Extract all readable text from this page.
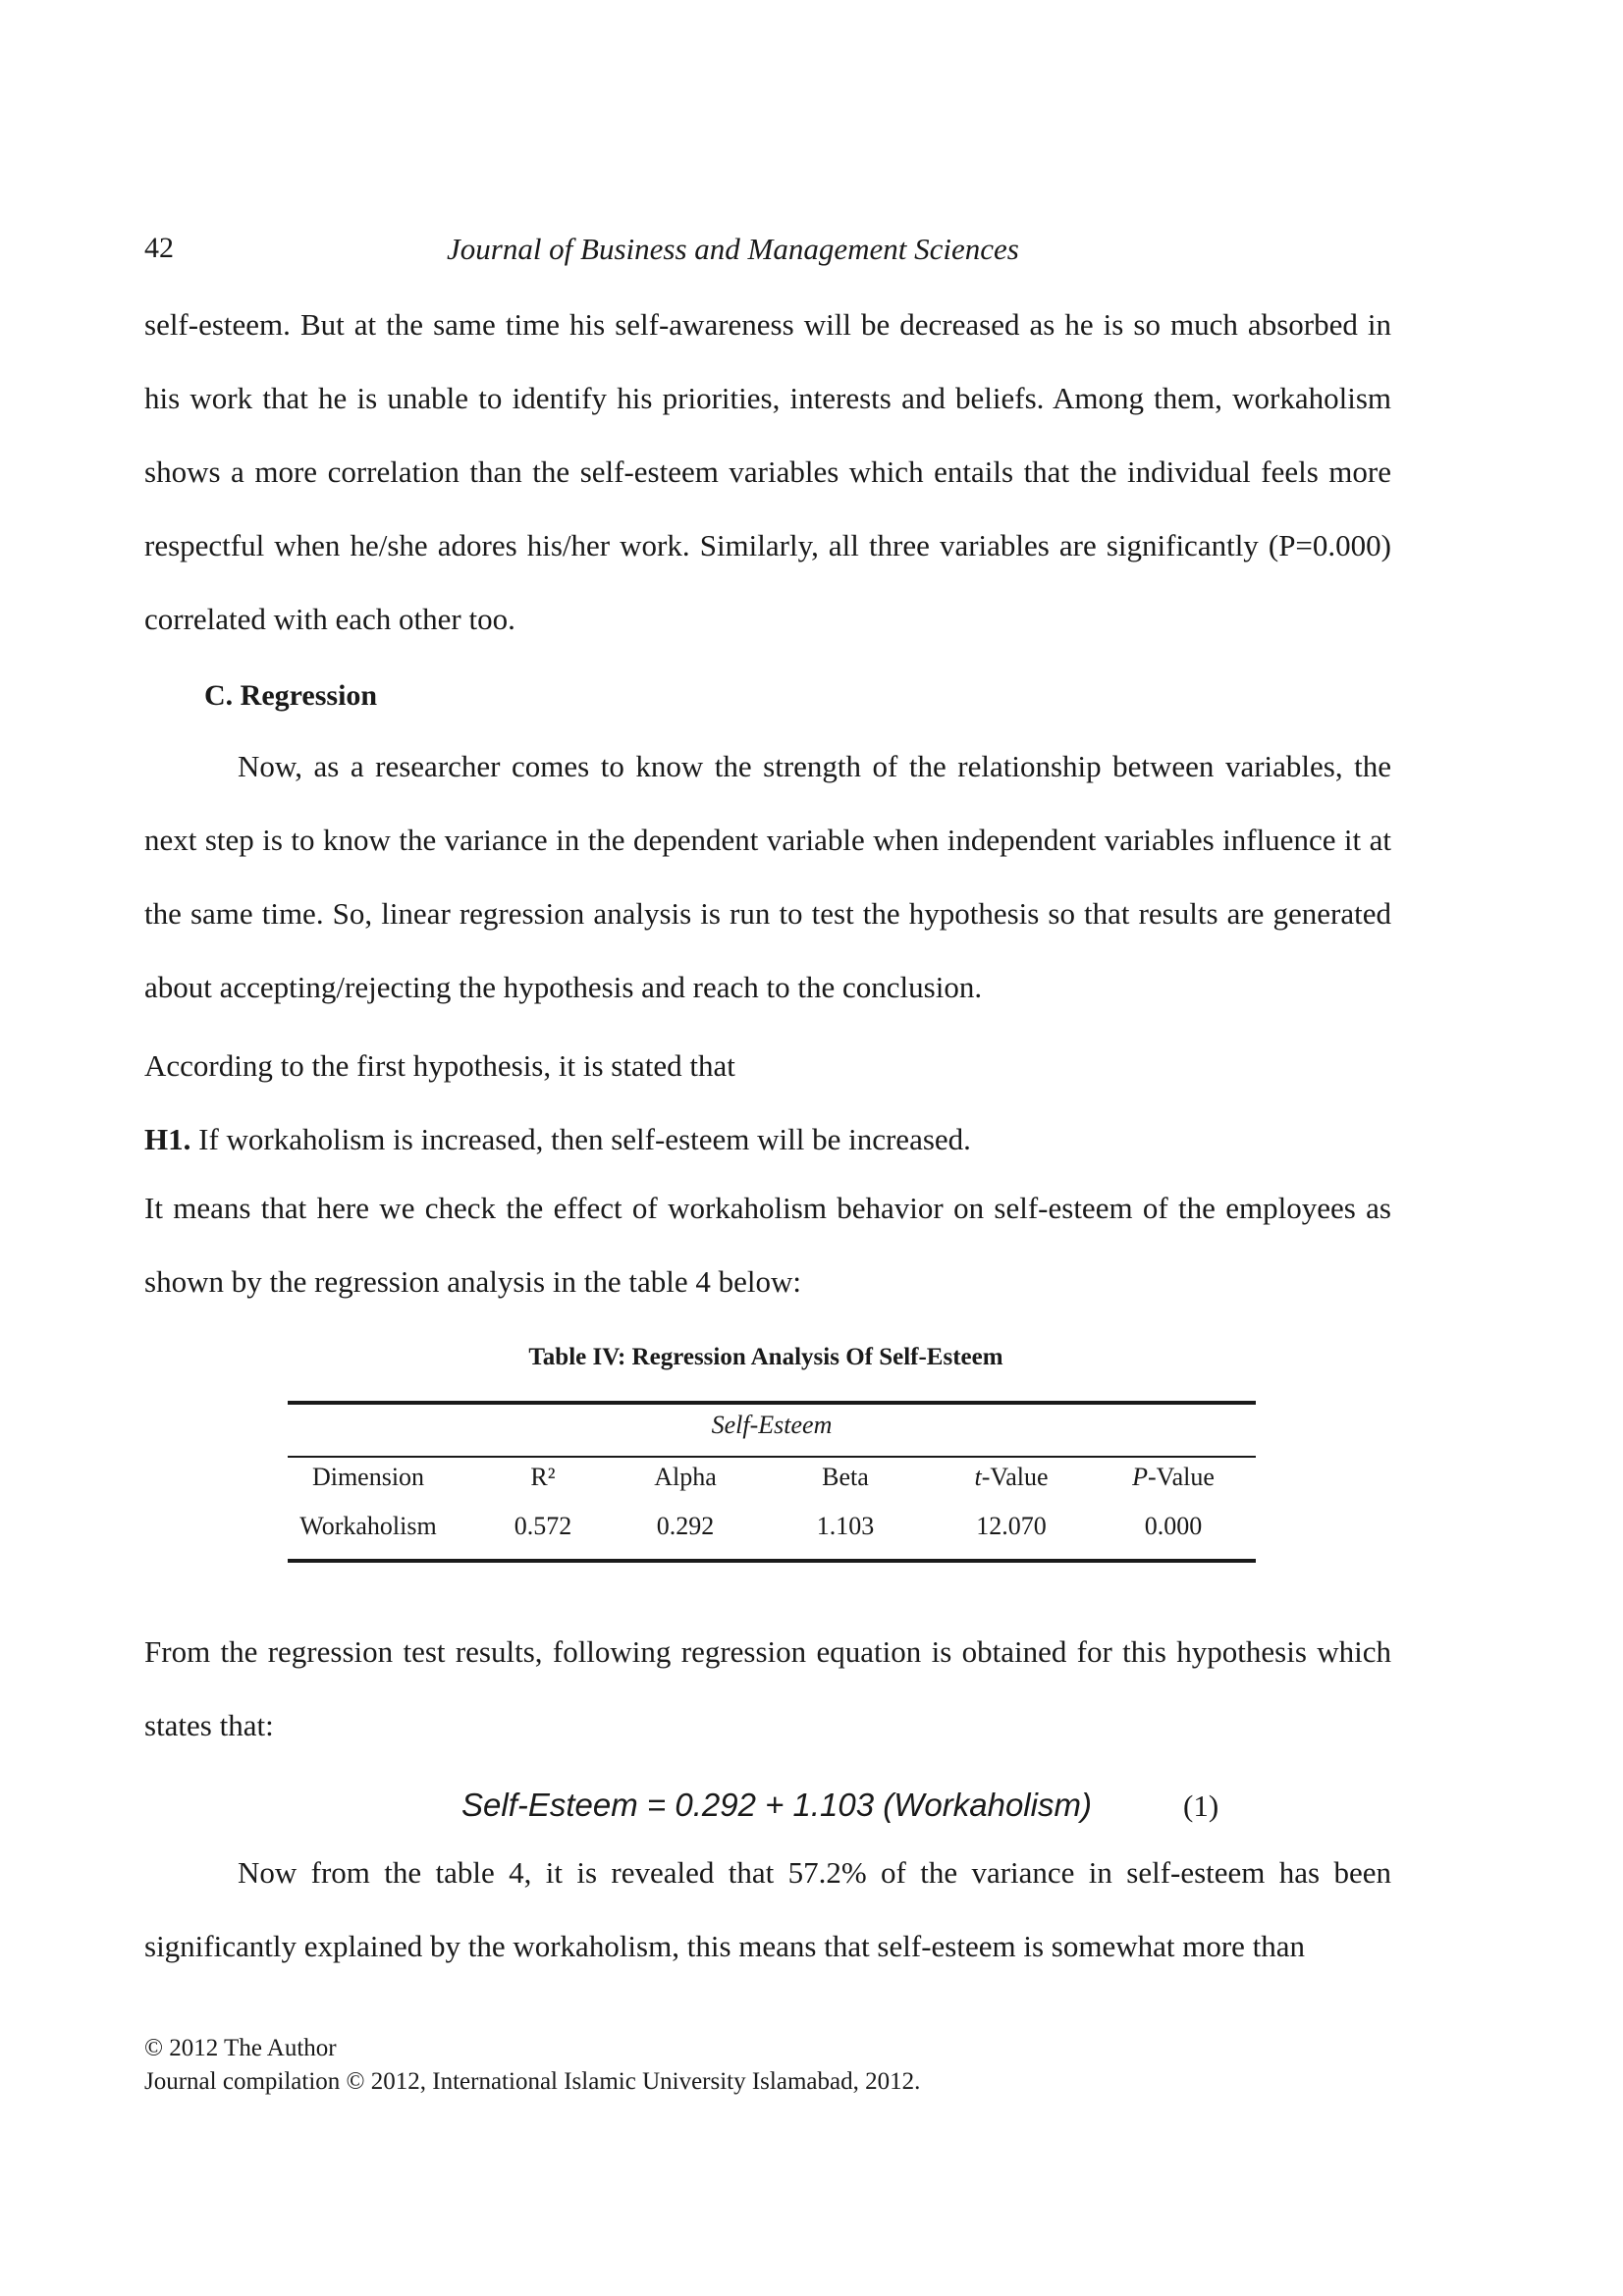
42	Journal of Business and Management Sciences
self-esteem. But at the same time his self-awareness will be decreased as he is so much absorbed in his work that he is unable to identify his priorities, interests and beliefs. Among them, workaholism shows a more correlation than the self-esteem variables which entails that the individual feels more respectful when he/she adores his/her work. Similarly, all three variables are significantly (P=0.000) correlated with each other too.
C. Regression
Now, as a researcher comes to know the strength of the relationship between variables, the next step is to know the variance in the dependent variable when independent variables influence it at the same time. So, linear regression analysis is run to test the hypothesis so that results are generated about accepting/rejecting the hypothesis and reach to the conclusion.
According to the first hypothesis, it is stated that
H1. If workaholism is increased, then self-esteem will be increased.
It means that here we check the effect of workaholism behavior on self-esteem of the employees as shown by the regression analysis in the table 4 below:
Table IV: Regression Analysis Of Self-Esteem
Self-Esteem
Dimension	R²	Alpha	Beta	t-Value	P-Value
Workaholism	0.572	0.292	1.103	12.070	0.000
From the regression test results, following regression equation is obtained for this hypothesis which states that:
Self-Esteem = 0.292 + 1.103 (Workaholism)	(1)
Now from the table 4, it is revealed that 57.2% of the variance in self-esteem has been significantly explained by the workaholism, this means that self-esteem is somewhat more than
© 2012 The Author
Journal compilation © 2012, International Islamic University Islamabad, 2012.
